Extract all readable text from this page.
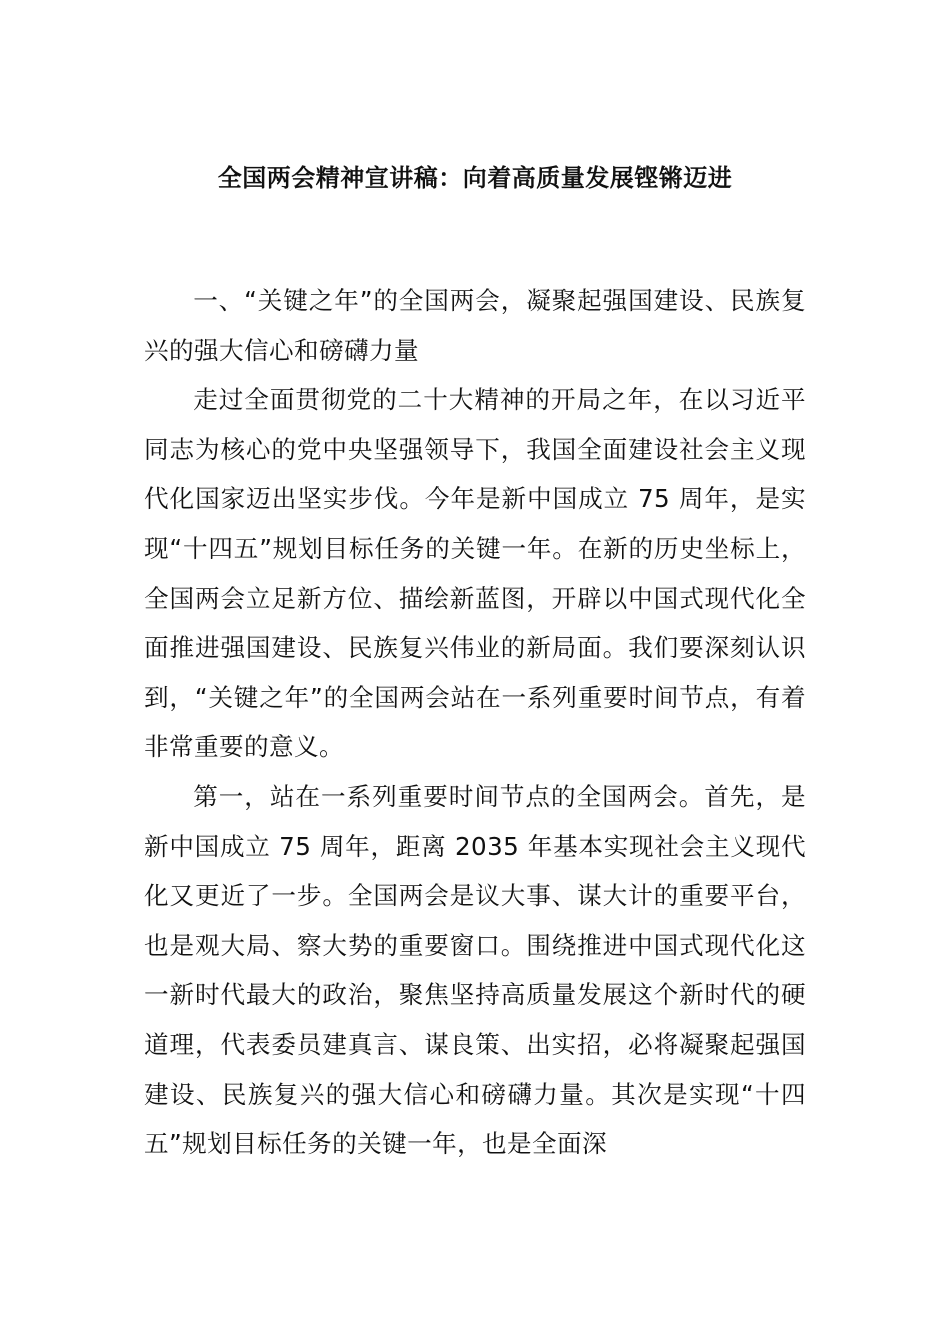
全国两会精神宣讲稿：向着高质量发展铿锵迈进

一、“关键之年”的全国两会，凝聚起强国建设、民族复兴的强大信心和磅礴力量

走过全面贯彻党的二十大精神的开局之年，在以习近平同志为核心的党中央坚强领导下，我国全面建设社会主义现代化国家迈出坚实步伐。今年是新中国成立 75 周年，是实现“十四五”规划目标任务的关键一年。在新的历史坐标上，全国两会立足新方位、描绘新蓝图，开辟以中国式现代化全面推进强国建设、民族复兴伟业的新局面。我们要深刻认识到，“关键之年”的全国两会站在一系列重要时间节点，有着非常重要的意义。

第一，站在一系列重要时间节点的全国两会。首先，是新中国成立 75 周年，距离 2035 年基本实现社会主义现代化又更近了一步。全国两会是议大事、谋大计的重要平台，也是观大局、察大势的重要窗口。围绕推进中国式现代化这一新时代最大的政治，聚焦坚持高质量发展这个新时代的硬道理，代表委员建真言、谋良策、出实招，必将凝聚起强国建设、民族复兴的强大信心和磅礴力量。其次是实现“十四五”规划目标任务的关键一年，也是全面深
